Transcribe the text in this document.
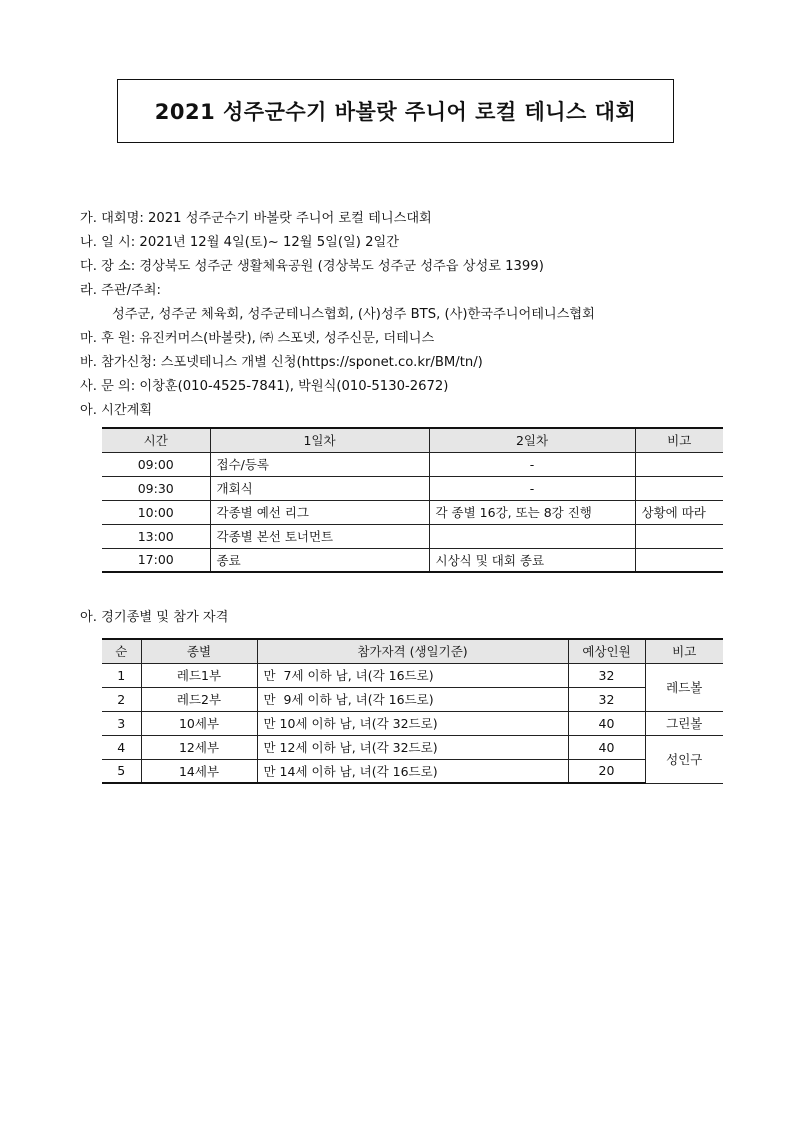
2021 성주군수기 바볼랏 주니어 로컬 테니스 대회
가. 대회명: 2021 성주군수기 바볼랏 주니어 로컬 테니스대회
나. 일 시: 2021년 12월 4일(토)~ 12월 5일(일) 2일간
다. 장 소: 경상북도 성주군 생활체육공원 (경상북도 성주군 성주읍 상성로 1399)
라. 주관/주최:
성주군, 성주군 체육회, 성주군테니스협회, (사)성주 BTS, (사)한국주니어테니스협회
마. 후 원: 유진커머스(바볼랏), ㈜ 스포넷, 성주신문, 더테니스
바. 참가신청: 스포넷테니스 개별 신청(https://sponet.co.kr/BM/tn/)
사. 문 의: 이창훈(010-4525-7841), 박원식(010-5130-2672)
아. 시간계획
시간	1일차	2일차	비고
09:00	접수/등록	-	
09:30	개회식	-	
10:00	각종별 예선 리그	각 종별 16강, 또는 8강 진행	상황에 따라
13:00	각종별 본선 토너먼트		
17:00	종료	시상식 및 대회 종료	
아. 경기종별 및 참가 자격
순	종별	참가자격 (생일기준)	예상인원	비고
1	레드1부	만  7세 이하 남, 녀(각 16드로)	32	레드볼
2	레드2부	만  9세 이하 남, 녀(각 16드로)	32	
3	10세부	만 10세 이하 남, 녀(각 32드로)	40	그린볼
4	12세부	만 12세 이하 남, 녀(각 32드로)	40	성인구
5	14세부	만 14세 이하 남, 녀(각 16드로)	20	
